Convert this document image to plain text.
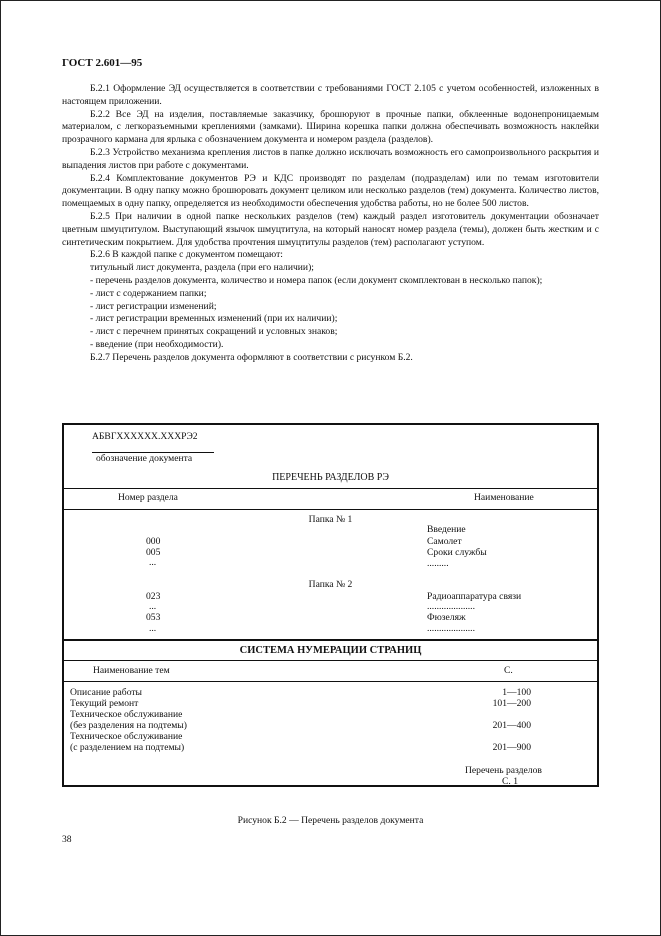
ГОСТ 2.601—95

Б.2.1 Оформление ЭД осуществляется в соответствии с требованиями ГОСТ 2.105 с учетом особенностей, изложенных в настоящем приложении.

Б.2.2 Все ЭД на изделия, поставляемые заказчику, брошюруют в прочные папки, обклеенные водонепроницаемым материалом, с легкоразъемными креплениями (замками). Ширина корешка папки должна обеспечивать возможность наклейки прозрачного кармана для ярлыка с обозначением документа и номером раздела (разделов).

Б.2.3 Устройство механизма крепления листов в папке должно исключать возможность его самопроизвольного раскрытия и выпадения листов при работе с документами.

Б.2.4 Комплектование документов РЭ и КДС производят по разделам (подразделам) или по темам изготовители документации. В одну папку можно брошюровать документ целиком или несколько разделов (тем) документа. Количество листов, помещаемых в одну папку, определяется из необходимости обеспечения удобства работы, но не более 500 листов.

Б.2.5 При наличии в одной папке нескольких разделов (тем) каждый раздел изготовитель документации обозначает цветным шмуцтитулом. Выступающий язычок шмуцтитула, на который наносят номер раздела (темы), должен быть жестким и с синтетическим покрытием. Для удобства прочтения шмуцтитулы разделов (тем) располагают уступом.

Б.2.6 В каждой папке с документом помещают:

титульный лист документа, раздела (при его наличии);

- перечень разделов документа, количество и номера папок (если документ скомплектован в несколько папок);

- лист с содержанием папки;

- лист регистрации изменений;

- лист регистрации временных изменений (при их наличии);

- лист с перечнем принятых сокращений и условных знаков;

- введение (при необходимости).

Б.2.7 Перечень разделов документа оформляют в соответствии с рисунком Б.2.

АБВГXXXXXX.XXXРЭ2
обозначение документа
ПЕРЕЧЕНЬ РАЗДЕЛОВ РЭ
Номер раздела	Наименование
Папка № 1
Введение
000	Самолет
005	Сроки службы
...	.........
Папка № 2
023	Радиоаппаратура связи
...	....................
053	Фюзеляж
...	....................
СИСТЕМА НУМЕРАЦИИ СТРАНИЦ
Наименование тем	С.
Описание работы	1—100
Текущий ремонт	101—200
Техническое обслуживание
(без разделения на подтемы)	201—400
Техническое обслуживание
(с разделением на подтемы)	201—900
Перечень разделов
С. 1
Рисунок Б.2 — Перечень разделов документа
38
